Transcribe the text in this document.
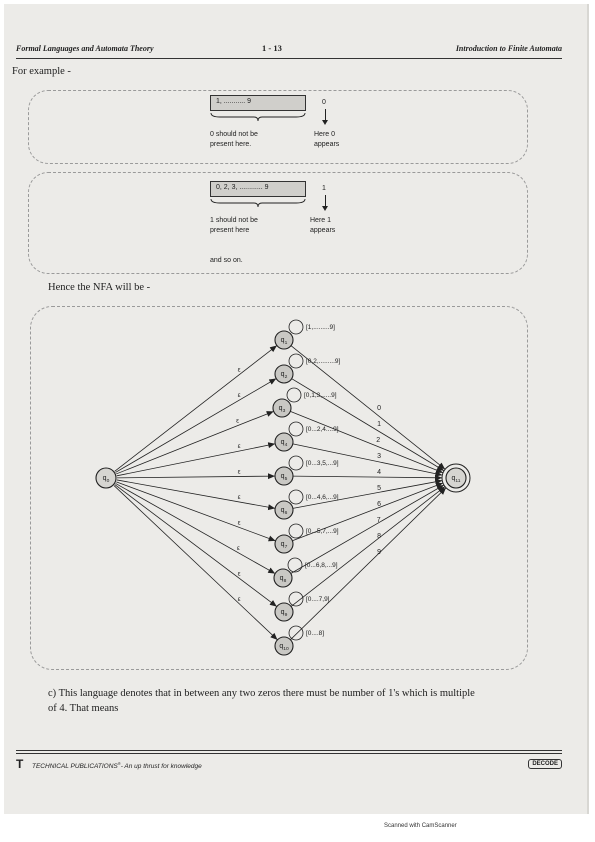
Formal Languages and Automata Theory	1 - 13	Introduction to Finite Automata
For example -
1, ........... 9	0
0 should not be
present here.
Here 0
appears
0, 2, 3, ............ 9	1
1 should not be
present here
Here 1
appears
and so on.
Hence the NFA will be -
ε
0
ε
1
ε
2
ε
3
ε	4
ε
5
ε
6
ε
7
ε
8
ε
9
[1,.........9]
$q_1$
[0,2,.........9]
$q_2$
[0,1,3,.....9]
$q_3$
[0...2,4....9]
$q_4$
[0...3,5,...9]
$q_5$
[0...4,6,...9]
$q_6$
[0...5,7,...9]
$q_7$
[0...6,8,...9]
$q_8$
[0....7,9]
$q_9$
[0....8]
$q_{10}$
$q_0$	$q_{11}$
c) This language denotes that in between any two zeros there must be number of 1's which is multiple
of 4. That means
T TECHNICAL PUBLICATIONS®- An up thrust for knowledge	DECODE
Scanned with CamScanner
